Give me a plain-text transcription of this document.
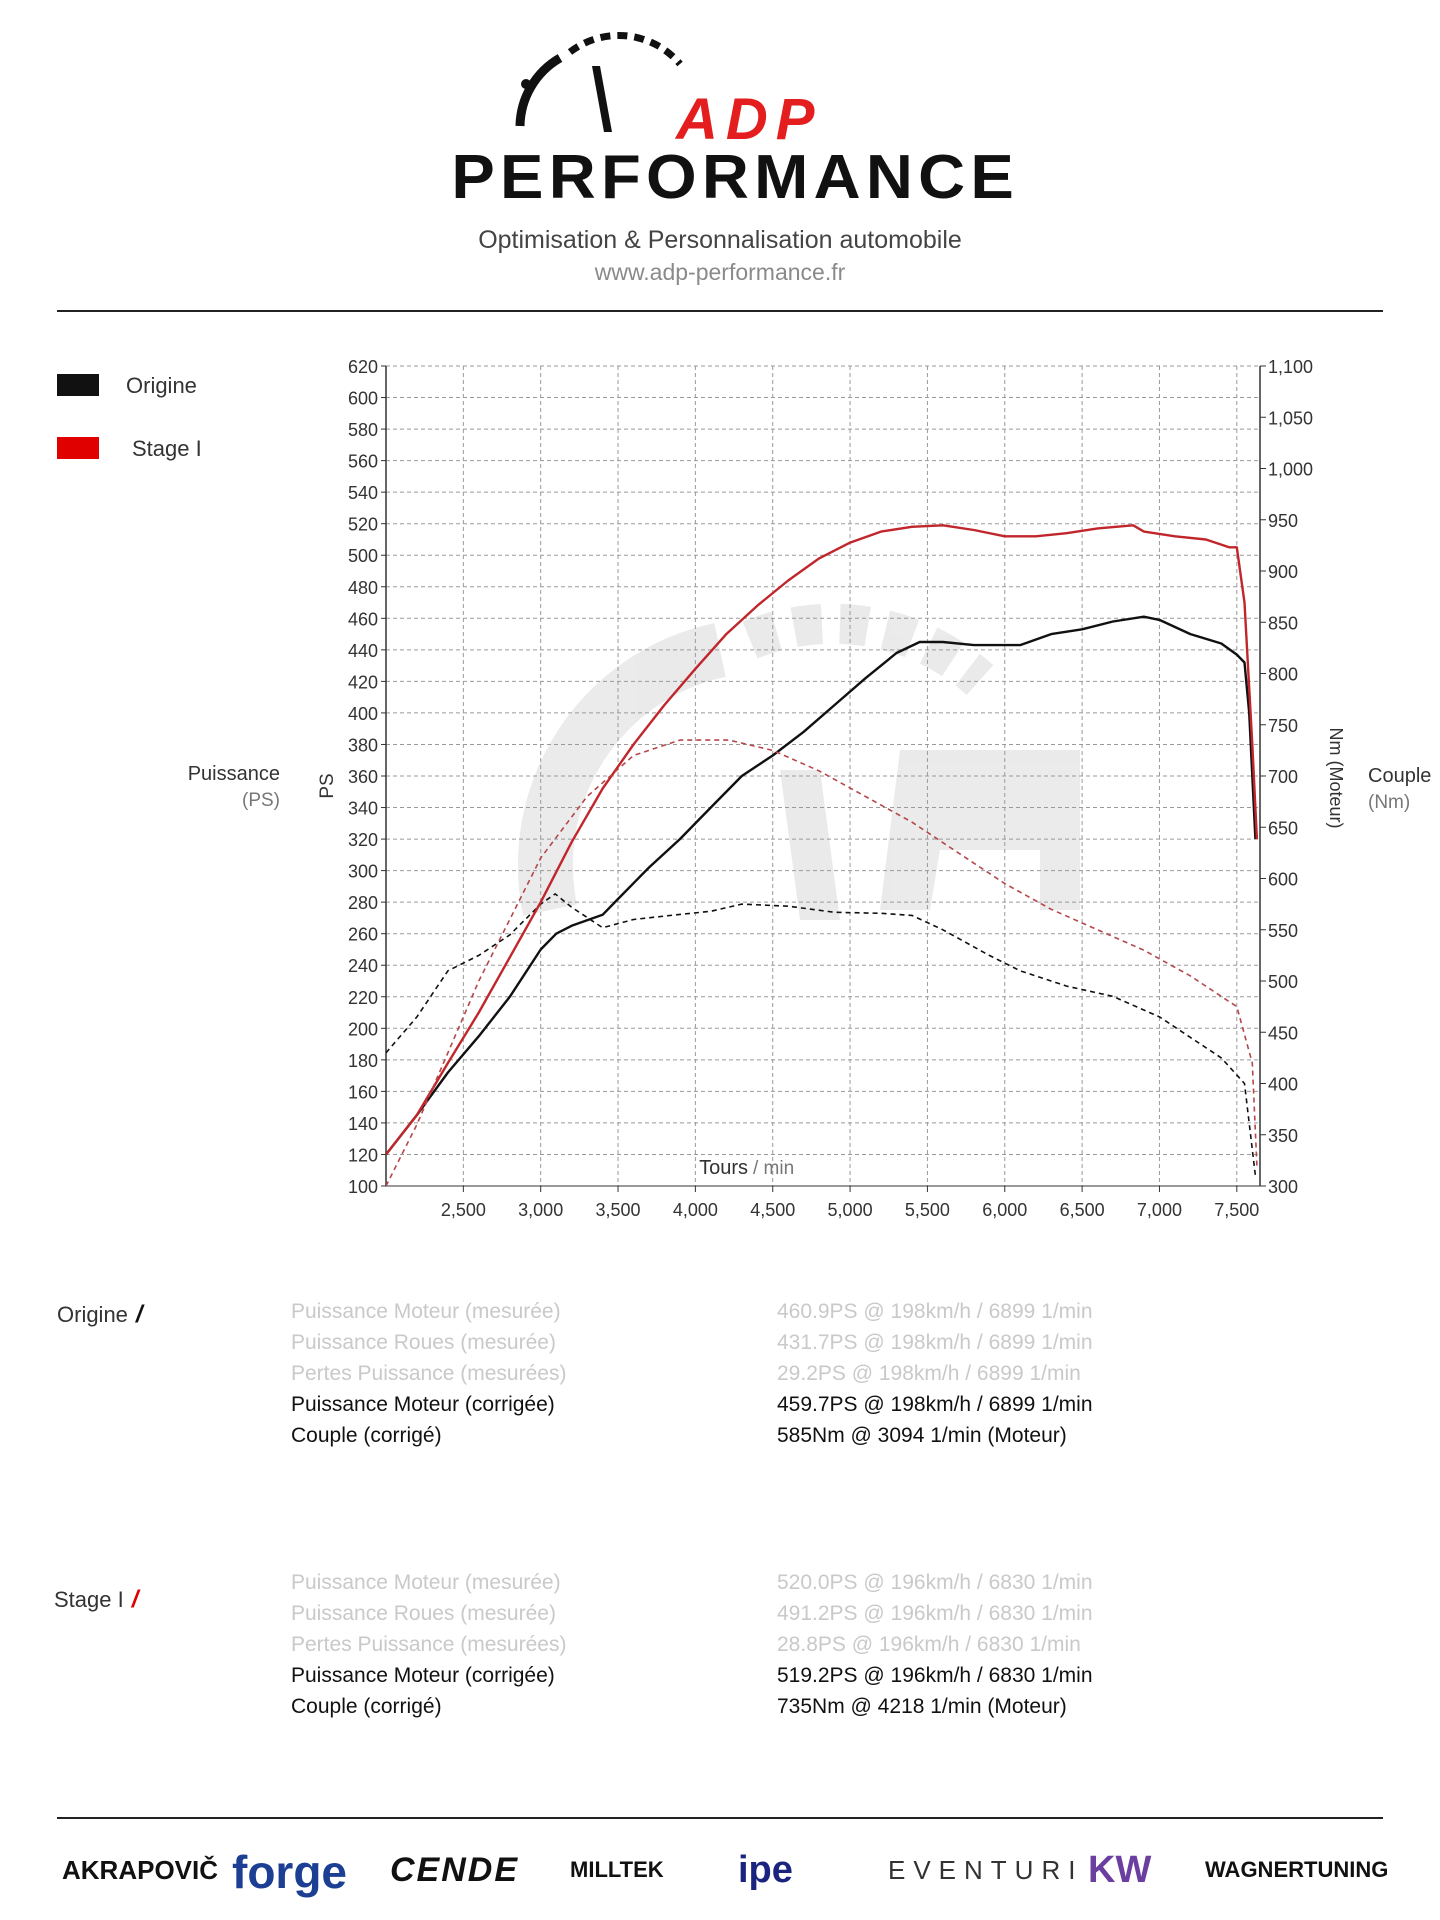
ADP
PERFORMANCE
Optimisation & Personnalisation automobile
www.adp-performance.fr
Origine
Stage I
Puissance
(PS)
Couple
(Nm)
100
120
140
160
180
200
220
240
260
280
300
320
340
360
380
400
420
440
460
480
500
520
540
560
580
600
620
300
350
400
450
500
550
600
650
700
750
800
850
900
950
1,000
1,050
1,100
2,500 3,000 3,500 4,000 4,500 5,000 5,500 6,000 6,500 7,000 7,500
PS	Nm (Moteur)
Tours / min
Origine /	Puissance Moteur (mesurée)	460.9PS @ 198km/h / 6899 1/min
Puissance Roues (mesurée)	431.7PS @ 198km/h / 6899 1/min
Pertes Puissance (mesurées)	29.2PS @ 198km/h / 6899 1/min
Puissance Moteur (corrigée)	459.7PS @ 198km/h / 6899 1/min
Couple (corrigé)	585Nm @ 3094 1/min (Moteur)
Stage I /
Puissance Moteur (mesurée)	520.0PS @ 196km/h / 6830 1/min
Puissance Roues (mesurée)	491.2PS @ 196km/h / 6830 1/min
Pertes Puissance (mesurées)	28.8PS @ 196km/h / 6830 1/min
Puissance Moteur (corrigée)	519.2PS @ 196km/h / 6830 1/min
Couple (corrigé)	735Nm @ 4218 1/min (Moteur)
AKRAPOVIČ forge CENDE MILLTEK ipe	EVENTURI KW WAGNERTUNING
